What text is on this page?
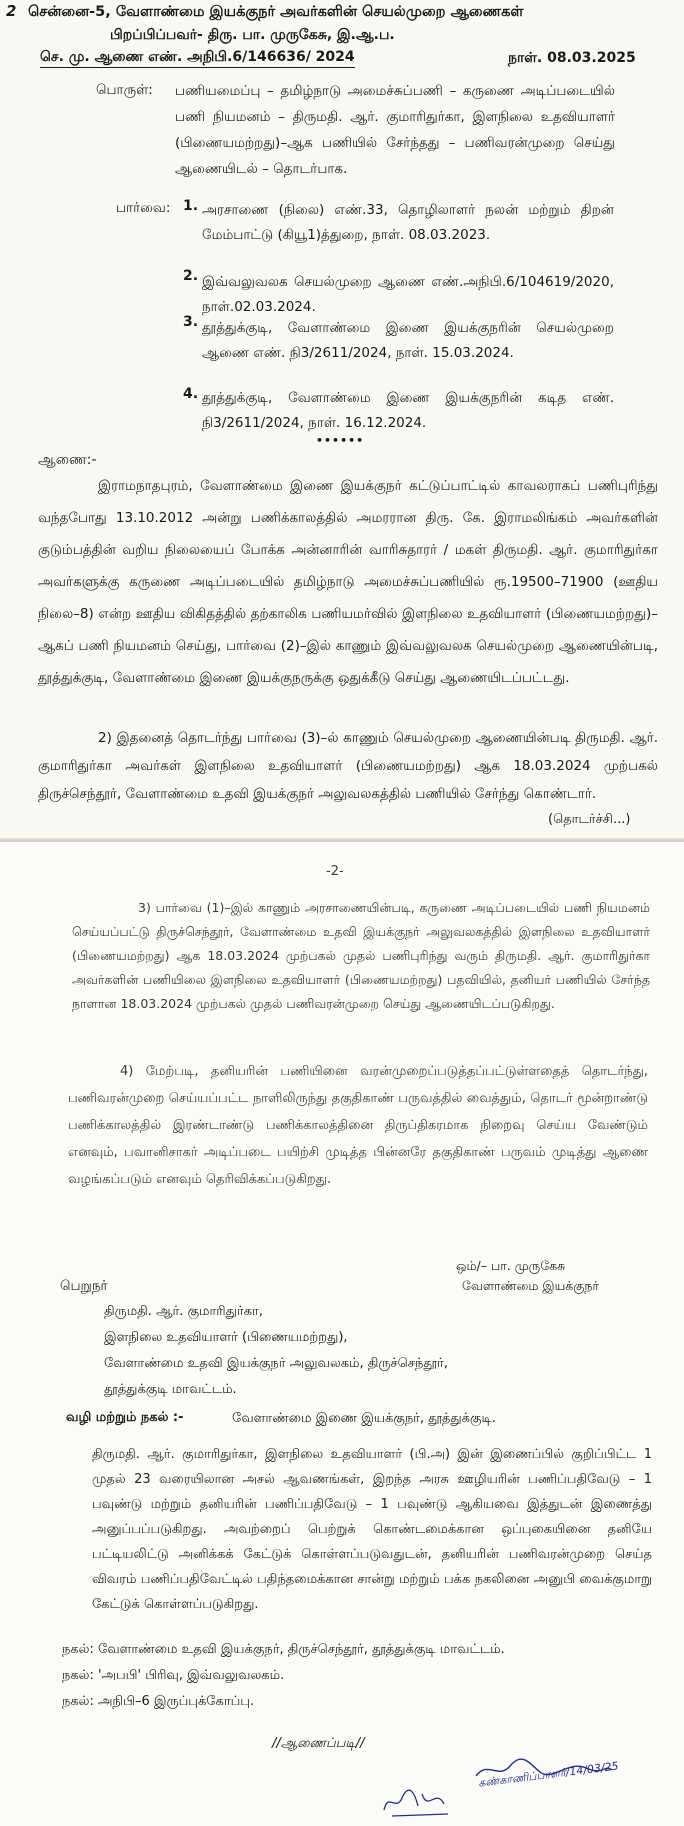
2 சென்னை-5, வேளாண்மை இயக்குநர் அவர்களின் செயல்முறை ஆணைகள்
பிறப்பிப்பவர்- திரு. பா. முருகேசு, இ.ஆ.ப.
செ. மு. ஆணை எண். அநிபி.6/146636/ 2024	நாள். 08.03.2025
பொருள்: பணியமைப்பு – தமிழ்நாடு அமைச்சுப்பணி – கருணை அடிப்படையில் பணி நியமனம் – திருமதி. ஆர். குமாரிதுர்கா, இளநிலை உதவியாளர் (பிணையமற்றது)–ஆக பணியில் சேர்ந்தது – பணிவரன்முறை செய்து ஆணையிடல் – தொடர்பாக.
பார்வை: 1. அரசாணை (நிலை) எண்.33, தொழிலாளர் நலன் மற்றும் திறன் மேம்பாட்டு (கியூ1)த்துறை, நாள். 08.03.2023.
2. இவ்வலுவலக செயல்முறை ஆணை எண்.அநிபி.6/104619/2020, நாள்.02.03.2024.
3. தூத்துக்குடி, வேளாண்மை இணை இயக்குநரின் செயல்முறை ஆணை எண். நி3/2611/2024, நாள். 15.03.2024.
4. தூத்துக்குடி, வேளாண்மை இணை இயக்குநரின் கடித எண். நி3/2611/2024, நாள். 16.12.2024.
••••••
ஆணை:-
இராமநாதபுரம், வேளாண்மை இணை இயக்குநர் கட்டுப்பாட்டில் காவலராகப் பணிபுரிந்து வந்தபோது 13.10.2012 அன்று பணிக்காலத்தில் அமரரான திரு. கே. இராமலிங்கம் அவர்களின் குடும்பத்தின் வறிய நிலையைப் போக்க அன்னாரின் வாரிசுதாரர் / மகள் திருமதி. ஆர். குமாரிதுர்கா அவர்களுக்கு கருணை அடிப்படையில் தமிழ்நாடு அமைச்சுப்பணியில் ரூ.19500–71900 (ஊதிய நிலை–8) என்ற ஊதிய விகிதத்தில் தற்காலிக பணியமர்வில் இளநிலை உதவியாளர் (பிணையமற்றது)–ஆகப் பணி நியமனம் செய்து, பார்வை (2)–இல் காணும் இவ்வலுவலக செயல்முறை ஆணையின்படி, தூத்துக்குடி, வேளாண்மை இணை இயக்குநருக்கு ஒதுக்கீடு செய்து ஆணையிடப்பட்டது.
2) இதனைத் தொடர்ந்து பார்வை (3)–ல் காணும் செயல்முறை ஆணையின்படி திருமதி. ஆர். குமாரிதுர்கா அவர்கள் இளநிலை உதவியாளர் (பிணையமற்றது) ஆக 18.03.2024 முற்பகல் திருச்செந்தூர், வேளாண்மை உதவி இயக்குநர் அலுவலகத்தில் பணியில் சேர்ந்து கொண்டார்.
(தொடர்ச்சி...)
-2-
3) பார்வை (1)–இல் காணும் அரசாணையின்படி, கருணை அடிப்படையில் பணி நியமனம் செய்யப்பட்டு திருச்செந்தூர், வேளாண்மை உதவி இயக்குநர் அலுவலகத்தில் இளநிலை உதவியாளர் (பிணையமற்றது) ஆக 18.03.2024 முற்பகல் முதல் பணிபுரிந்து வரும் திருமதி. ஆர். குமாரிதுர்கா அவர்களின் பணியிலை இளநிலை உதவியாளர் (பிணையமற்றது) பதவியில், தனியர் பணியில் சேர்ந்த நாளான 18.03.2024 முற்பகல் முதல் பணிவரன்முறை செய்து ஆணையிடப்படுகிறது.
4) மேற்படி, தனியரின் பணியினை வரன்முறைப்படுத்தப்பட்டுள்ளதைத் தொடர்ந்து, பணிவரன்முறை செய்யப்பட்ட நாளிலிருந்து தகுதிகாண் பருவத்தில் வைத்தும், தொடர் மூன்றாண்டு பணிக்காலத்தில் இரண்டாண்டு பணிக்காலத்தினை திருப்திகரமாக நிறைவு செய்ய வேண்டும் எனவும், பவானிசாகர் அடிப்படை பயிற்சி முடித்த பின்னரே தகுதிகாண் பருவம் முடித்து ஆணை வழங்கப்படும் எனவும் தெரிவிக்கப்படுகிறது.
ஒம்/– பா. முருகேசு
வேளாண்மை இயக்குநர்
பெறுநர்
திருமதி. ஆர். குமாரிதுர்கா,
இளநிலை உதவியாளர் (பிணையமற்றது),
வேளாண்மை உதவி இயக்குநர் அலுவலகம், திருச்செந்தூர்,
தூத்துக்குடி மாவட்டம்.
வழி மற்றும் நகல் :-	வேளாண்மை இணை இயக்குநர், தூத்துக்குடி.
திருமதி. ஆர். குமாரிதுர்கா, இளநிலை உதவியாளர் (பி.அ) இன் இணைப்பில் குறிப்பிட்ட 1 முதல் 23 வரையிலான அசல் ஆவணங்கள், இறந்த அரசு ஊழியரின் பணிப்பதிவேடு – 1 பவுண்டு மற்றும் தனியரின் பணிப்பதிவேடு – 1 பவுண்டு ஆகியவை இத்துடன் இணைத்து அனுப்பப்படுகிறது. அவற்றைப் பெற்றுக் கொண்டமைக்கான ஒப்புகையினை தனியே பட்டியலிட்டு அனிக்கக் கேட்டுக் கொள்ளப்படுவதுடன், தனியரின் பணிவரன்முறை செய்த விவரம் பணிப்பதிவேட்டில் பதிந்தமைக்கான சான்று மற்றும் பக்க நகலினை அனுபி வைக்குமாறு கேட்டுக் கொள்ளப்படுகிறது.
நகல்: வேளாண்மை உதவி இயக்குநர், திருச்செந்தூர், தூத்துக்குடி மாவட்டம்.
நகல்: 'அபபி' பிரிவு, இவ்வலுவலகம்.
நகல்: அநிபி–6 இருப்புக்கோப்பு.
//ஆணைப்படி//
கண்காணிப்பாளர்/14/03/25
